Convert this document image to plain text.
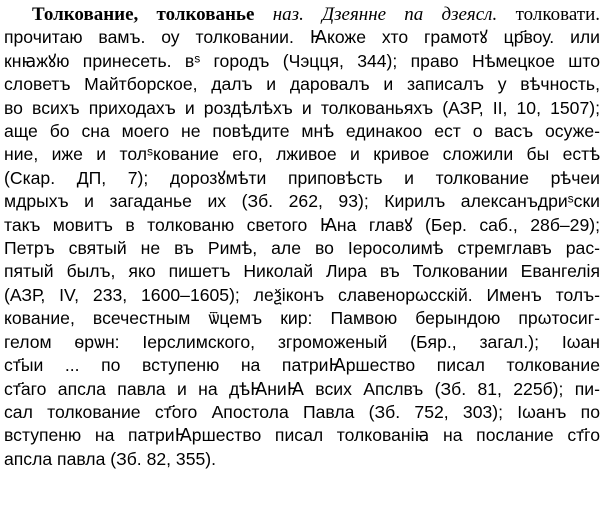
Толкование, толкованье наз. Дзеянне па дзеясл. толковати.
прочитаю вамъ. оу толковании. Ꙗкоже хто грамотꙋ цр҃воу. или
кнꙗжꙋю принесеть. вˢ городъ (Чэцця, 344); право Нѣмецкое што
словетъ Майтборское, далъ и даровалъ и записалъ у вѣчность,
во всихъ приходахъ и роздѣлѣхъ и толкованьяхъ (АЗР, II, 10, 1507);
аще бо сна моего не повѣдите мнѣ единакоо ест о васъ осуже-
ние, иже и толˢкование его, лживое и кривое сложили бы естѣ
(Скар. ДП, 7); дорозꙋмѣти приповѣсть и толкование рѣчеи
мдрыхъ и загаданье их (Зб. 262, 93); Кирилъ алексанъдриˢски
такъ мовитъ в толкованю светого Ꙗна главꙋ (Бер. саб., 28б–29);
Петръ святый не въ Римѣ, але во Іеросолимѣ стремглавъ рас-
пятый былъ, яко пишетъ Николай Лира въ Толковании Евангелія
(АЗР, IV, 233, 1600–1605); леѯіконъ славенорωсскій. Именъ толъ-
кование, всечестным ѿцемъ кир: Памвою берындою прωтосиг-
гелом ѳрѡн: Іерслимского, згроможеный (Бяр., загал.); Ιωан
ст҃ыи ... по вступеню на патриꙖршество писал толкование
ст҃аго апсла павла и на дѣꙖниꙖ всих Апслвъ (Зб. 81, 225б); пи-
сал толкование ст҃ого Апостола Павла (Зб. 752, 303); Ιωанъ по
вступеню на патриꙖршество писал толкованіꙗ на послание ст҃го
апсла павла (Зб. 82, 355).
